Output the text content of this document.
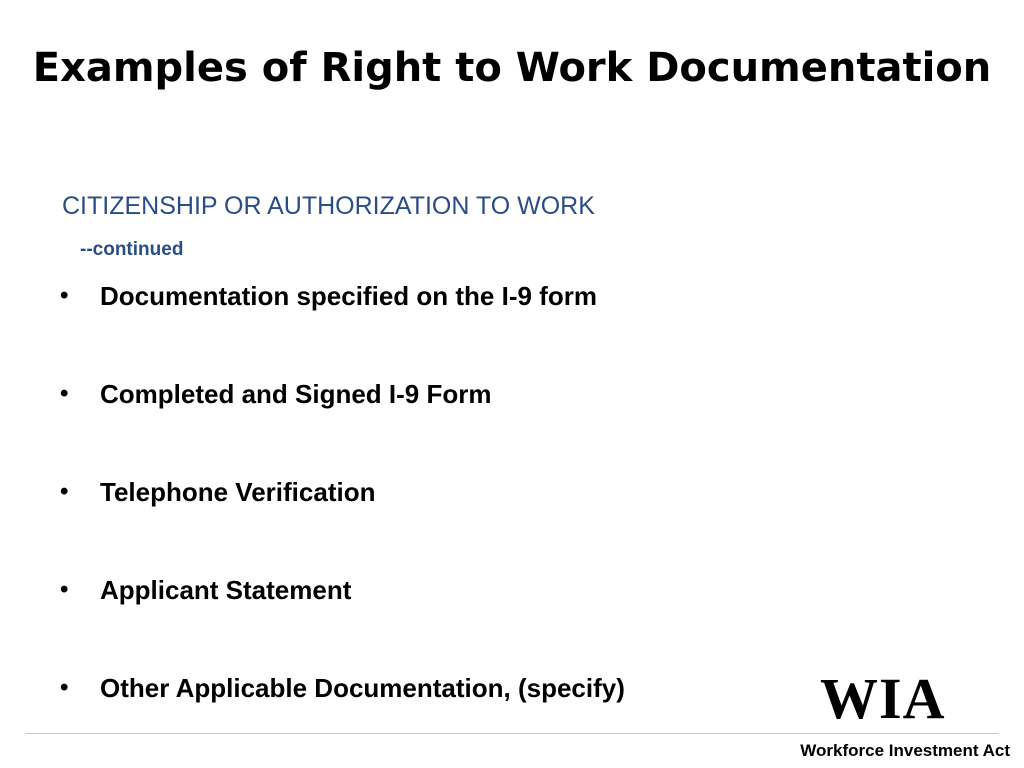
Examples of Right to Work Documentation
CITIZENSHIP OR AUTHORIZATION TO WORK
--continued
•	Documentation specified on the I-9 form
•	Completed and Signed I-9 Form
•	Telephone Verification
•	Applicant Statement
•	Other Applicable Documentation, (specify)	WIA
Workforce Investment Act
